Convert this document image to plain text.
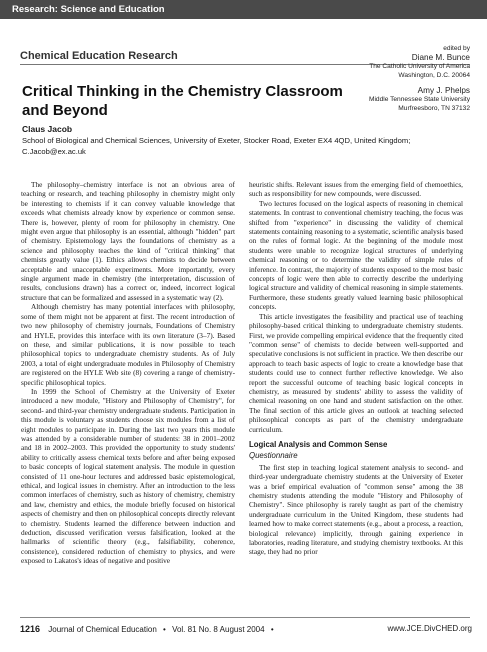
Research: Science and Education
Chemical Education Research
edited by
Diane M. Bunce
The Catholic University of America
Washington, D.C. 20064
Amy J. Phelps
Middle Tennessee State University
Murfreesboro, TN 37132
Critical Thinking in the Chemistry Classroom and Beyond
Claus Jacob
School of Biological and Chemical Sciences, University of Exeter, Stocker Road, Exeter EX4 4QD, United Kingdom; C.Jacob@ex.ac.uk

The philosophy–chemistry interface is not an obvious area of teaching or research, and teaching philosophy in chemistry might only be interesting to chemists if it can convey valuable knowledge that exceeds what chemists already know by experience or common sense. There is, however, plenty of room for philosophy in chemistry. One might even argue that philosophy is an essential, although "hidden" part of chemistry. Epistemology lays the foundations of chemistry as a science and philosophy teaches the kind of "critical thinking" that chemists greatly value (1). Ethics allows chemists to decide between acceptable and unacceptable experiments. More importantly, every single argument made in chemistry (the interpretation, discussion of results, conclusions drawn) has a correct or, indeed, incorrect logical structure that can be formalized and assessed in a systematic way (2).

Although chemistry has many potential interfaces with philosophy, some of them might not be apparent at first. The recent introduction of two new philosophy of chemistry journals, Foundations of Chemistry and HYLE, provides this interface with its own literature (3–7). Based on these, and similar publications, it is now possible to teach philosophical topics to undergraduate chemistry students. As of July 2003, a total of eight undergraduate modules in Philosophy of Chemistry are registered on the HYLE Web site (8) covering a range of chemistry-specific philosophical topics.

In 1999 the School of Chemistry at the University of Exeter introduced a new module, "History and Philosophy of Chemistry", for second- and third-year chemistry undergraduate students. Participation in this module is voluntary as students choose six modules from a list of eight modules to participate in. During the last two years this module was attended by a considerable number of students: 38 in 2001–2002 and 18 in 2002–2003. This provided the opportunity to study students' ability to critically assess chemical texts before and after being exposed to basic concepts of logical statement analysis. The module in question consisted of 11 one-hour lectures and addressed basic epistemological, ethical, and logical issues in chemistry. After an introduction to the less common interfaces of chemistry, such as history of chemistry, chemistry and law, chemistry and ethics, the module briefly focused on historical aspects of chemistry and then on philosophical concepts directly relevant to chemistry. Students learned the difference between induction and deduction, discussed verification versus falsification, looked at the hallmarks of scientific theory (e.g., falsifiability, coherence, consistence), considered reduction of chemistry to physics, and were exposed to Lakatos's ideas of negative and positive

heuristic shifts. Relevant issues from the emerging field of chemoethics, such as responsibility for new compounds, were discussed.

Two lectures focused on the logical aspects of reasoning in chemical statements. In contrast to conventional chemistry teaching, the focus was shifted from "experience" in discussing the validity of chemical statements containing reasoning to a systematic, scientific analysis based on the rules of formal logic. At the beginning of the module most students were unable to recognize logical structures of underlying chemical reasoning or to determine the validity of simple rules of inference. In contrast, the majority of students exposed to the most basic concepts of logic were then able to correctly describe the underlying logical structure and validity of chemical reasoning in simple statements. Furthermore, these students greatly valued learning basic philosophical concepts.

This article investigates the feasibility and practical use of teaching philosophy-based critical thinking to undergraduate chemistry students. First, we provide compelling empirical evidence that the frequently cited "common sense" of chemists to decide between well-supported and speculative conclusions is not sufficient in practice. We then describe our approach to teach basic aspects of logic to create a knowledge base that students could use to connect further reflective knowledge. We also report the successful outcome of teaching basic logical concepts in chemistry, as measured by students' ability to assess the validity of chemical reasoning on one hand and student satisfaction on the other. The final section of this article gives an outlook at teaching selected philosophical concepts as part of the chemistry undergraduate curriculum.

Logical Analysis and Common Sense
Questionnaire

The first step in teaching logical statement analysis to second- and third-year undergraduate chemistry students at the University of Exeter was a brief empirical evaluation of "common sense" among the 38 chemistry students attending the module "History and Philosophy of Chemistry". Since philosophy is rarely taught as part of the chemistry undergraduate curriculum in the United Kingdom, these students had learned how to make correct statements (e.g., about a process, a reaction, biological relevance) implicitly, through gaining experience in laboratories, reading literature, and studying chemistry textbooks. At this stage, they had no prior

1216 Journal of Chemical Education • Vol. 81 No. 8 August 2004 •	www.JCE.DivCHED.org
